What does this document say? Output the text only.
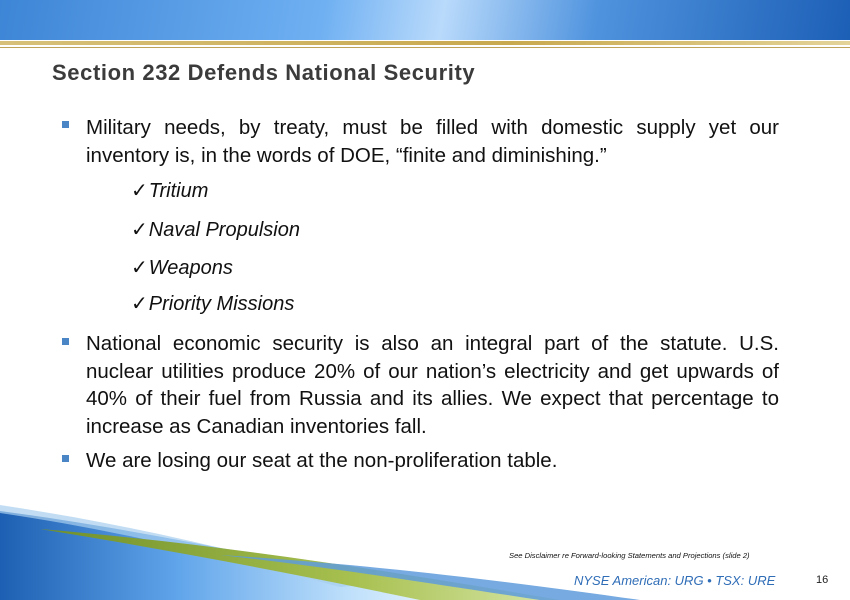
Section 232 Defends National Security
Military needs, by treaty, must be filled with domestic supply yet our inventory is, in the words of DOE, “finite and diminishing.”
✓Tritium
✓Naval Propulsion
✓Weapons
✓Priority Missions
National economic security is also an integral part of the statute. U.S. nuclear utilities produce 20% of our nation’s electricity and get upwards of 40% of their fuel from Russia and its allies. We expect that percentage to increase as Canadian inventories fall.
We are losing our seat at the non-proliferation table.
See Disclaimer re Forward-looking Statements and Projections (slide 2)
NYSE American: URG • TSX: URE	16
